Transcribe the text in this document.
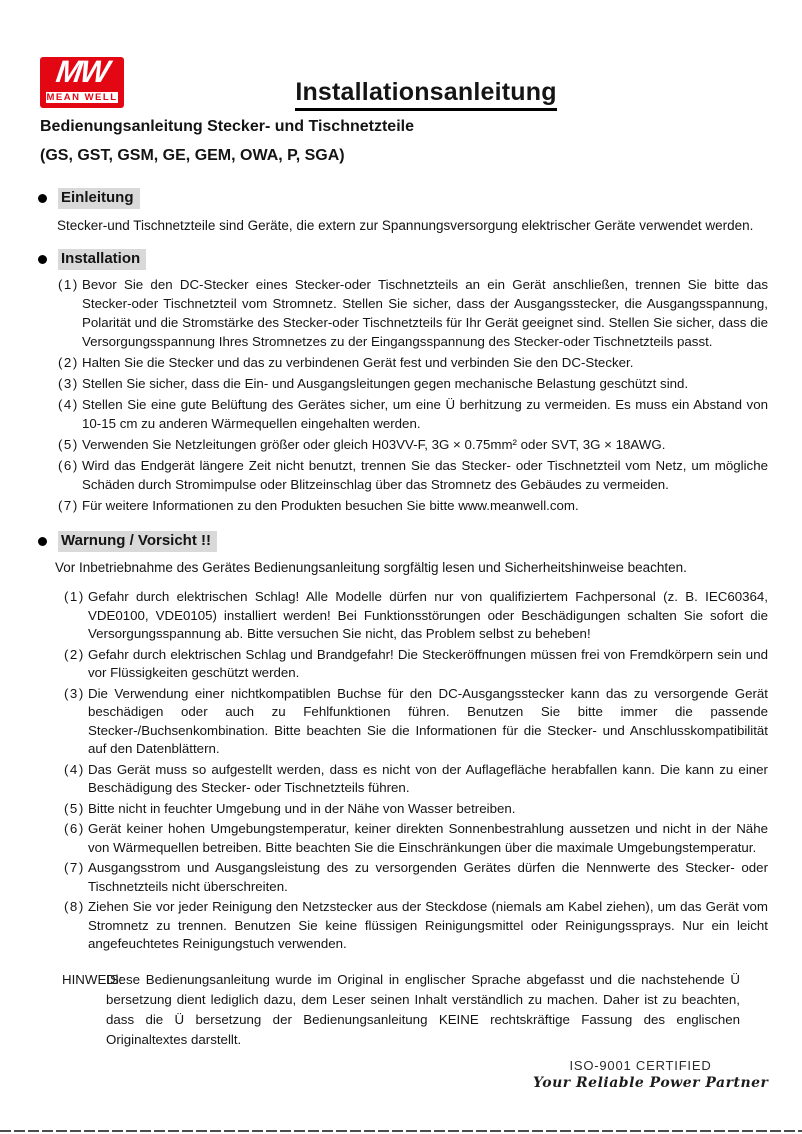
MW
MEAN WELL	Installationsanleitung
Bedienungsanleitung Stecker- und Tischnetzteile
(GS, GST, GSM, GE, GEM, OWA, P, SGA)
Einleitung

Stecker-und Tischnetzteile sind Geräte, die extern zur Spannungsversorgung elektrischer Geräte verwendet werden.

Installation
(1) Bevor Sie den DC-Stecker eines Stecker-oder Tischnetzteils an ein Gerät anschließen, trennen Sie bitte das Stecker-oder Tischnetzteil vom Stromnetz. Stellen Sie sicher, dass der Ausgangsstecker, die Ausgangsspannung, Polarität und die Stromstärke des Stecker-oder Tischnetzteils für Ihr Gerät geeignet sind. Stellen Sie sicher, dass die Versorgungsspannung Ihres Stromnetzes zu der Eingangsspannung des Stecker-oder Tischnetzteils passt.
(2) Halten Sie die Stecker und das zu verbindenen Gerät fest und verbinden Sie den DC-Stecker.
(3) Stellen Sie sicher, dass die Ein- und Ausgangsleitungen gegen mechanische Belastung geschützt sind.
(4) Stellen Sie eine gute Belüftung des Gerätes sicher, um eine Ü berhitzung zu vermeiden. Es muss ein Abstand von 10-15 cm zu anderen Wärmequellen eingehalten werden.
(5) Verwenden Sie Netzleitungen größer oder gleich H03VV-F, 3G × 0.75mm² oder SVT, 3G × 18AWG.
(6) Wird das Endgerät längere Zeit nicht benutzt, trennen Sie das Stecker- oder Tischnetzteil vom Netz, um mögliche Schäden durch Stromimpulse oder Blitzeinschlag über das Stromnetz des Gebäudes zu vermeiden.
(7) Für weitere Informationen zu den Produkten besuchen Sie bitte www.meanwell.com.
Warnung / Vorsicht !!

Vor Inbetriebnahme des Gerätes Bedienungsanleitung sorgfältig lesen und Sicherheitshinweise beachten.

(1) Gefahr durch elektrischen Schlag! Alle Modelle dürfen nur von qualifiziertem Fachpersonal (z. B. IEC60364, VDE0100, VDE0105) installiert werden! Bei Funktionsstörungen oder Beschädigungen schalten Sie sofort die Versorgungsspannung ab. Bitte versuchen Sie nicht, das Problem selbst zu beheben!
(2) Gefahr durch elektrischen Schlag und Brandgefahr! Die Steckeröffnungen müssen frei von Fremdkörpern sein und vor Flüssigkeiten geschützt werden.
(3) Die Verwendung einer nichtkompatiblen Buchse für den DC-Ausgangsstecker kann das zu versorgende Gerät beschädigen oder auch zu Fehlfunktionen führen. Benutzen Sie bitte immer die passende Stecker-/Buchsenkombination. Bitte beachten Sie die Informationen für die Stecker- und Anschlusskompatibilität auf den Datenblättern.
(4) Das Gerät muss so aufgestellt werden, dass es nicht von der Auflagefläche herabfallen kann. Die kann zu einer Beschädigung des Stecker- oder Tischnetzteils führen.
(5) Bitte nicht in feuchter Umgebung und in der Nähe von Wasser betreiben.
(6) Gerät keiner hohen Umgebungstemperatur, keiner direkten Sonnenbestrahlung aussetzen und nicht in der Nähe von Wärmequellen betreiben. Bitte beachten Sie die Einschränkungen über die maximale Umgebungstemperatur.
(7) Ausgangsstrom und Ausgangsleistung des zu versorgenden Gerätes dürfen die Nennwerte des Stecker- oder Tischnetzteils nicht überschreiten.
(8) Ziehen Sie vor jeder Reinigung den Netzstecker aus der Steckdose (niemals am Kabel ziehen), um das Gerät vom Stromnetz zu trennen. Benutzen Sie keine flüssigen Reinigungsmittel oder Reinigungssprays. Nur ein leicht angefeuchtetes Reinigungstuch verwenden.
HINWEIS:
Diese Bedienungsanleitung wurde im Original in englischer Sprache abgefasst und die nachstehende Ü bersetzung dient lediglich dazu, dem Leser seinen Inhalt verständlich zu machen. Daher ist zu beachten, dass die Ü bersetzung der Bedienungsanleitung KEINE rechtskräftige Fassung des englischen Originaltextes darstellt.
ISO-9001 CERTIFIED
Your Reliable Power Partner
